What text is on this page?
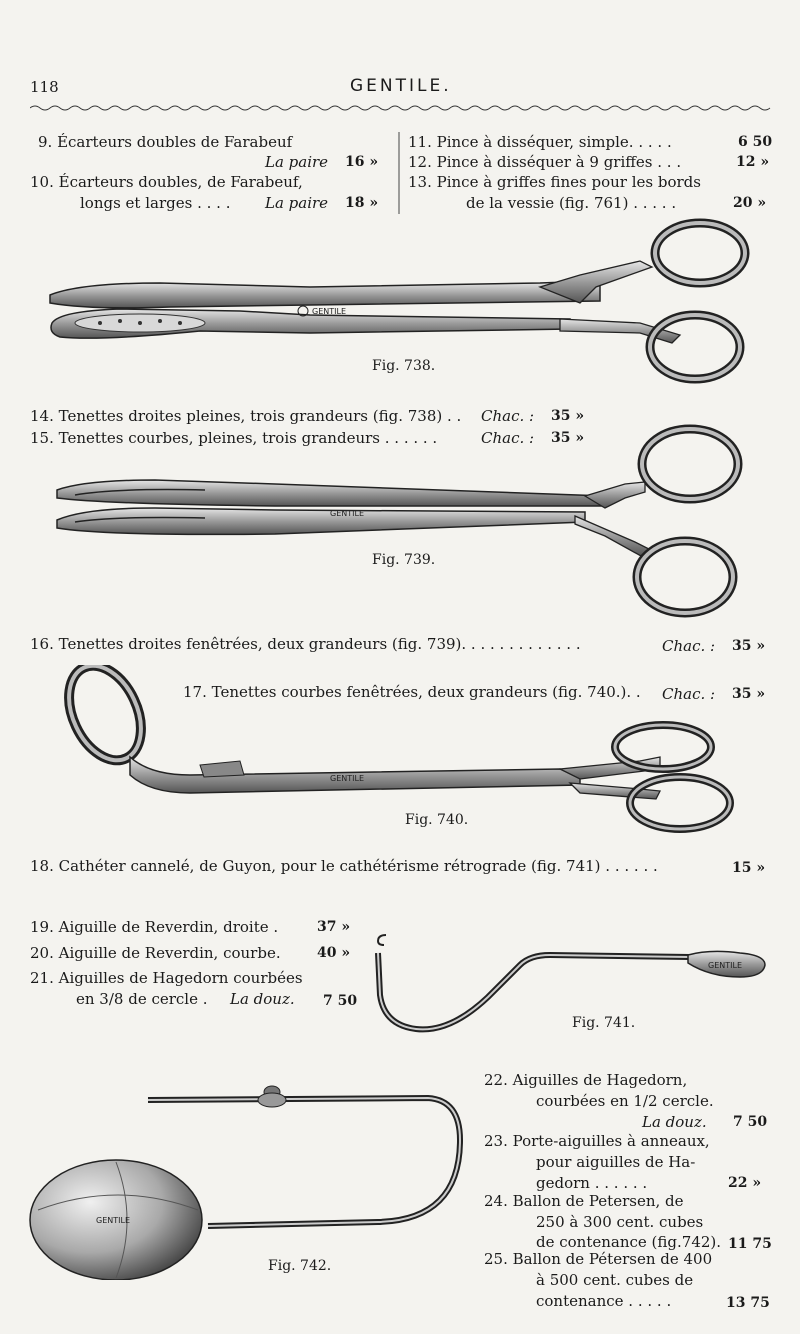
118	GENTILE.
9. Écarteurs doubles de Farabeuf
La paire 16 »
10. Écarteurs doubles, de Farabeuf,
longs et larges . . . . La paire 18 »
11. Pince à disséquer, simple. . . . .	6 50
12. Pince à disséquer à 9 griffes . . .	12 »
13. Pince à griffes fines pour les bords
de la vessie (fig. 761) . . . . .	20 »
GENTILE
Fig. 738.
14. Tenettes droites pleines, trois grandeurs (fig. 738) . . Chac. : 35 »
15. Tenettes courbes, pleines, trois grandeurs . . . . . .	Chac. : 35 »
GENTILE
Fig. 739.
16. Tenettes droites fenêtrées, deux grandeurs (fig. 739). . . . . . . . . . . . .	Chac. : 35 »
GENTILE
17. Tenettes courbes fenêtrées, deux grandeurs (fig. 740.). . Chac. : 35 »
Fig. 740.
18. Cathéter cannelé, de Guyon, pour le cathétérisme rétrograde (fig. 741) . . . . . .	15 »
19. Aiguille de Reverdin, droite .	37 »
20. Aiguille de Reverdin, courbe.	40 »
21. Aiguilles de Hagedorn courbées
en 3/8 de cercle . La douz. 7 50
GENTILE
Fig. 741.
GENTILE
Fig. 742.
22. Aiguilles de Hagedorn,
courbées en 1/2 cercle.
La douz. 7 50
23. Porte-aiguilles à anneaux,
pour aiguilles de Ha-
gedorn . . . . . .	22 »
24. Ballon de Petersen, de
250 à 300 cent. cubes
de contenance (fig.742). 11 75
25. Ballon de Pétersen de 400
à 500 cent. cubes de
contenance . . . . .	13 75
